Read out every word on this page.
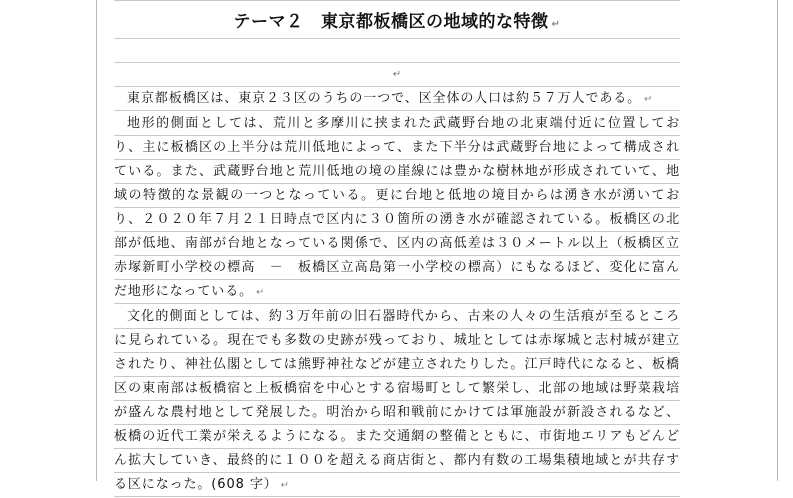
テーマ２　東京都板橋区の地域的な特徴 ↵
↵

東京都板橋区は、東京２３区のうちの一つで、区全体の人口は約５７万人である。 ↵

地形的側面としては、荒川と多摩川に挟まれた武蔵野台地の北東端付近に位置しており、主に板橋区の上半分は荒川低地によって、また下半分は武蔵野台地によって構成されている。また、武蔵野台地と荒川低地の境の崖線には豊かな樹林地が形成されていて、地域の特徴的な景観の一つとなっている。更に台地と低地の境目からは湧き水が湧いており、２０２０年７月２１日時点で区内に３０箇所の湧き水が確認されている。板橋区の北部が低地、南部が台地となっている関係で、区内の高低差は３０メートル以上（板橋区立赤塚新町小学校の標高　－　板橋区立高島第一小学校の標高）にもなるほど、変化に富んだ地形になっている。 ↵

文化的側面としては、約３万年前の旧石器時代から、古来の人々の生活痕が至るところに見られている。現在でも多数の史跡が残っており、城址としては赤塚城と志村城が建立されたり、神社仏閣としては熊野神社などが建立されたりした。江戸時代になると、板橋区の東南部は板橋宿と上板橋宿を中心とする宿場町として繁栄し、北部の地域は野菜栽培が盛んな農村地として発展した。明治から昭和戦前にかけては軍施設が新設されるなど、板橋の近代工業が栄えるようになる。また交通網の整備とともに、市街地エリアもどんどん拡大していき、最終的に１００を超える商店街と、都内有数の工場集積地域とが共存する区になった。(608 字） ↵
